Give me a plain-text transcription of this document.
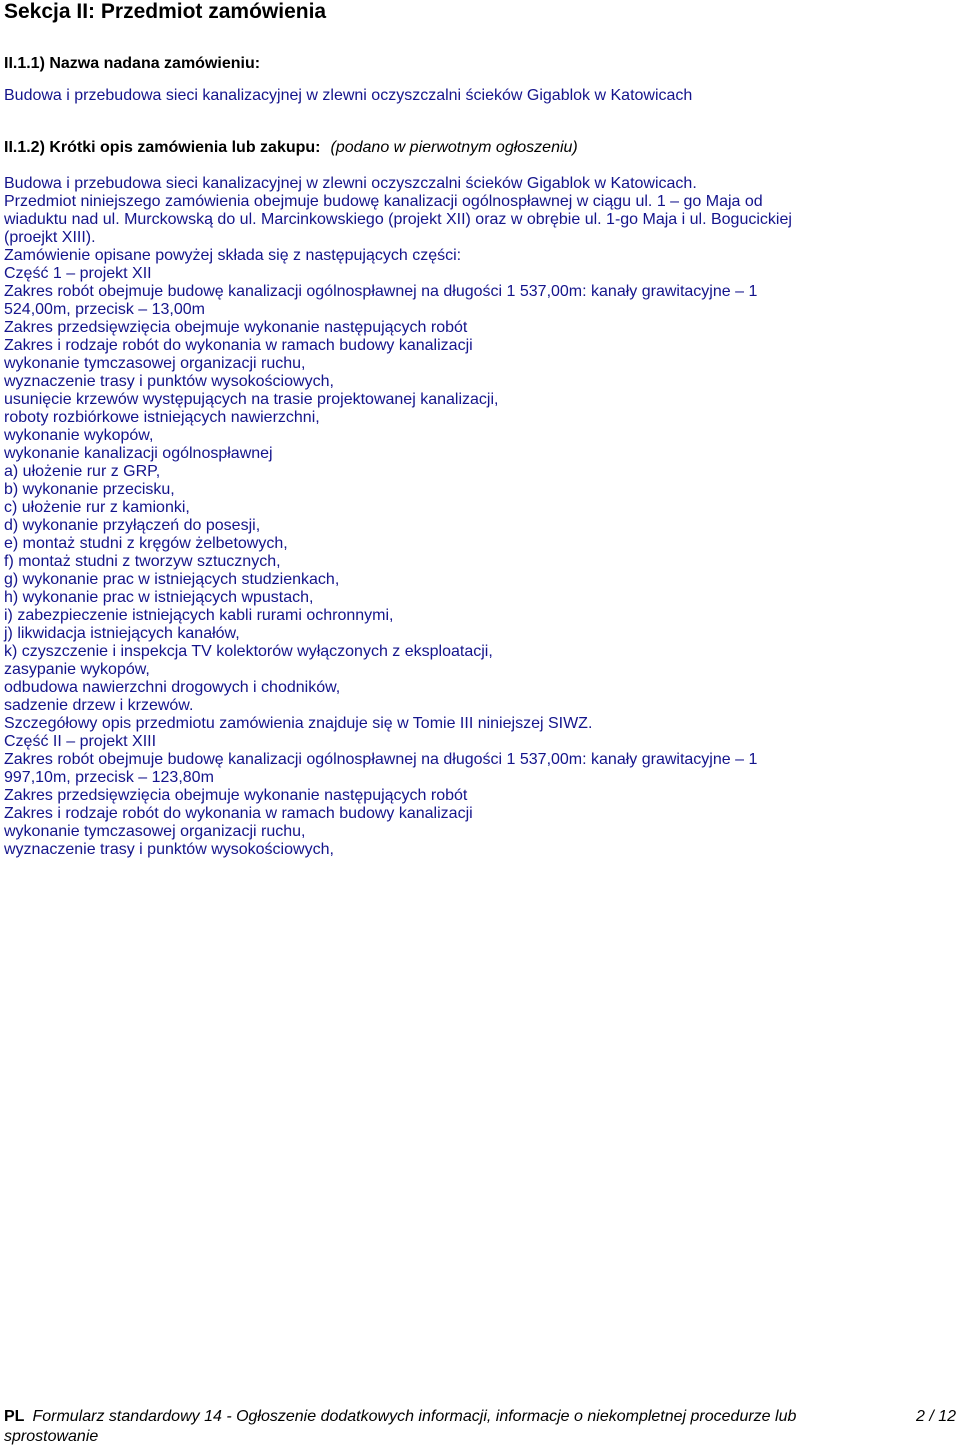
Sekcja II: Przedmiot zamówienia
II.1.1) Nazwa nadana zamówieniu:
Budowa i przebudowa sieci kanalizacyjnej w zlewni oczyszczalni ścieków Gigablok w Katowicach
II.1.2) Krótki opis zamówienia lub zakupu: (podano w pierwotnym ogłoszeniu)
Budowa i przebudowa sieci kanalizacyjnej w zlewni oczyszczalni ścieków Gigablok w Katowicach.
Przedmiot niniejszego zamówienia obejmuje budowę kanalizacji ogólnospławnej w ciągu ul. 1 – go Maja od
wiaduktu nad ul. Murckowską do ul. Marcinkowskiego (projekt XII) oraz w obrębie ul. 1-go Maja i ul. Bogucickiej
(proejkt XIII).
Zamówienie opisane powyżej składa się z następujących części:
Część 1 – projekt XII
Zakres robót obejmuje budowę kanalizacji ogólnospławnej na długości 1 537,00m: kanały grawitacyjne – 1
524,00m, przecisk – 13,00m
Zakres przedsięwzięcia obejmuje wykonanie następujących robót
Zakres i rodzaje robót do wykonania w ramach budowy kanalizacji
wykonanie tymczasowej organizacji ruchu,
wyznaczenie trasy i punktów wysokościowych,
usunięcie krzewów występujących na trasie projektowanej kanalizacji,
roboty rozbiórkowe istniejących nawierzchni,
wykonanie wykopów,
wykonanie kanalizacji ogólnospławnej
a) ułożenie rur z GRP,
b) wykonanie przecisku,
c) ułożenie rur z kamionki,
d) wykonanie przyłączeń do posesji,
e) montaż studni z kręgów żelbetowych,
f) montaż studni z tworzyw sztucznych,
g) wykonanie prac w istniejących studzienkach,
h) wykonanie prac w istniejących wpustach,
i) zabezpieczenie istniejących kabli rurami ochronnymi,
j) likwidacja istniejących kanałów,
k) czyszczenie i inspekcja TV kolektorów wyłączonych z eksploatacji,
zasypanie wykopów,
odbudowa nawierzchni drogowych i chodników,
sadzenie drzew i krzewów.
Szczegółowy opis przedmiotu zamówienia znajduje się w Tomie III niniejszej SIWZ.
Część II – projekt XIII
Zakres robót obejmuje budowę kanalizacji ogólnospławnej na długości 1 537,00m: kanały grawitacyjne – 1
997,10m, przecisk – 123,80m
Zakres przedsięwzięcia obejmuje wykonanie następujących robót
Zakres i rodzaje robót do wykonania w ramach budowy kanalizacji
wykonanie tymczasowej organizacji ruchu,
wyznaczenie trasy i punktów wysokościowych,
PL Formularz standardowy 14 - Ogłoszenie dodatkowych informacji, informacje o niekompletnej procedurze lub
sprostowanie
2 / 12
